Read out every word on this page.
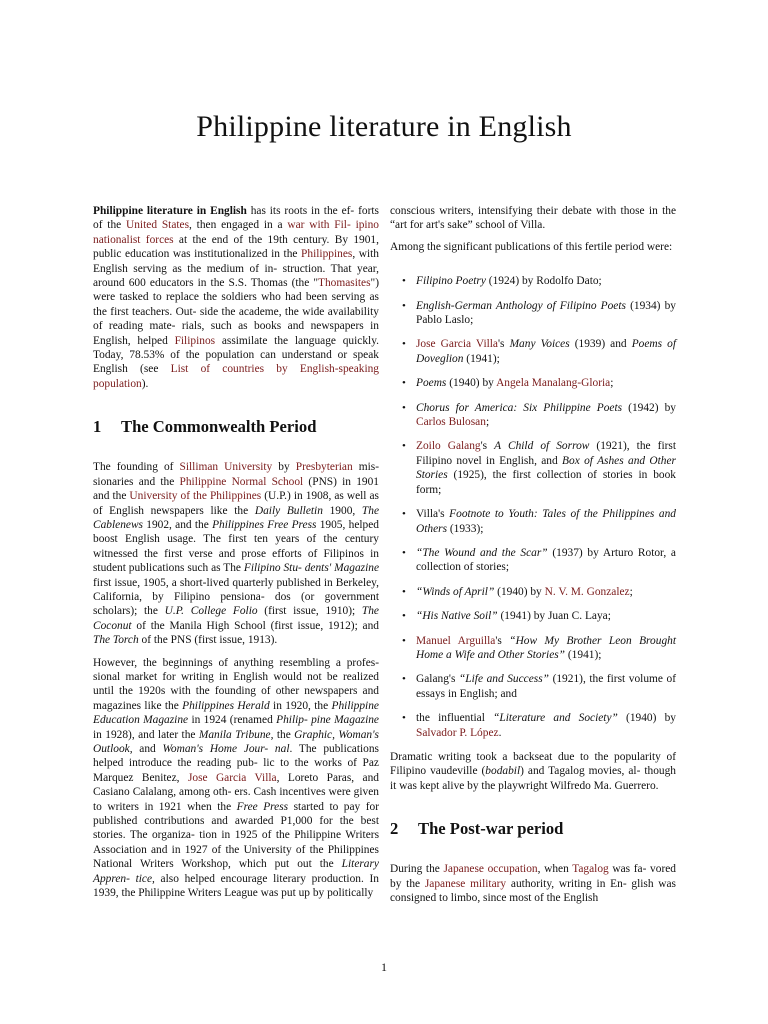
Philippine literature in English

Philippine literature in English has its roots in the ef- forts of the United States, then engaged in a war with Fil- ipino nationalist forces at the end of the 19th century. By 1901, public education was institutionalized in the Philippines, with English serving as the medium of in- struction. That year, around 600 educators in the S.S. Thomas (the "Thomasites") were tasked to replace the soldiers who had been serving as the first teachers. Out- side the academe, the wide availability of reading mate- rials, such as books and newspapers in English, helped Filipinos assimilate the language quickly. Today, 78.53% of the population can understand or speak English (see List of countries by English-speaking population).

1 The Commonwealth Period

The founding of Silliman University by Presbyterian mis- sionaries and the Philippine Normal School (PNS) in 1901 and the University of the Philippines (U.P.) in 1908, as well as of English newspapers like the Daily Bulletin 1900, The Cablenews 1902, and the Philippines Free Press 1905, helped boost English usage. The first ten years of the century witnessed the first verse and prose efforts of Filipinos in student publications such as The Filipino Stu- dents' Magazine first issue, 1905, a short-lived quarterly published in Berkeley, California, by Filipino pensiona- dos (or government scholars); the U.P. College Folio (first issue, 1910); The Coconut of the Manila High School (first issue, 1912); and The Torch of the PNS (first issue, 1913).

However, the beginnings of anything resembling a profes- sional market for writing in English would not be realized until the 1920s with the founding of other newspapers and magazines like the Philippines Herald in 1920, the Philippine Education Magazine in 1924 (renamed Philip- pine Magazine in 1928), and later the Manila Tribune, the Graphic, Woman's Outlook, and Woman's Home Jour- nal. The publications helped introduce the reading pub- lic to the works of Paz Marquez Benitez, Jose Garcia Villa, Loreto Paras, and Casiano Calalang, among oth- ers. Cash incentives were given to writers in 1921 when the Free Press started to pay for published contributions and awarded P1,000 for the best stories. The organiza- tion in 1925 of the Philippine Writers Association and in 1927 of the University of the Philippines National Writers Workshop, which put out the Literary Appren- tice, also helped encourage literary production. In 1939, the Philippine Writers League was put up by politically

conscious writers, intensifying their debate with those in the “art for art's sake” school of Villa.

Among the significant publications of this fertile period were:

• Filipino Poetry (1924) by Rodolfo Dato;
• English-German Anthology of Filipino Poets (1934) by Pablo Laslo;
• Jose Garcia Villa's Many Voices (1939) and Poems of Doveglion (1941);
• Poems (1940) by Angela Manalang-Gloria;
• Chorus for America: Six Philippine Poets (1942) by Carlos Bulosan;
• Zoilo Galang's A Child of Sorrow (1921), the first Filipino novel in English, and Box of Ashes and Other Stories (1925), the first collection of stories in book form;
• Villa's Footnote to Youth: Tales of the Philippines and Others (1933);
• “The Wound and the Scar” (1937) by Arturo Rotor, a collection of stories;
• “Winds of April” (1940) by N. V. M. Gonzalez;
• “His Native Soil” (1941) by Juan C. Laya;
• Manuel Arguilla's “How My Brother Leon Brought Home a Wife and Other Stories” (1941);
• Galang's “Life and Success” (1921), the first volume of essays in English; and
• the influential “Literature and Society” (1940) by Salvador P. López.

Dramatic writing took a backseat due to the popularity of Filipino vaudeville (bodabil) and Tagalog movies, al- though it was kept alive by the playwright Wilfredo Ma. Guerrero.

2 The Post-war period

During the Japanese occupation, when Tagalog was fa- vored by the Japanese military authority, writing in En- glish was consigned to limbo, since most of the English

1
